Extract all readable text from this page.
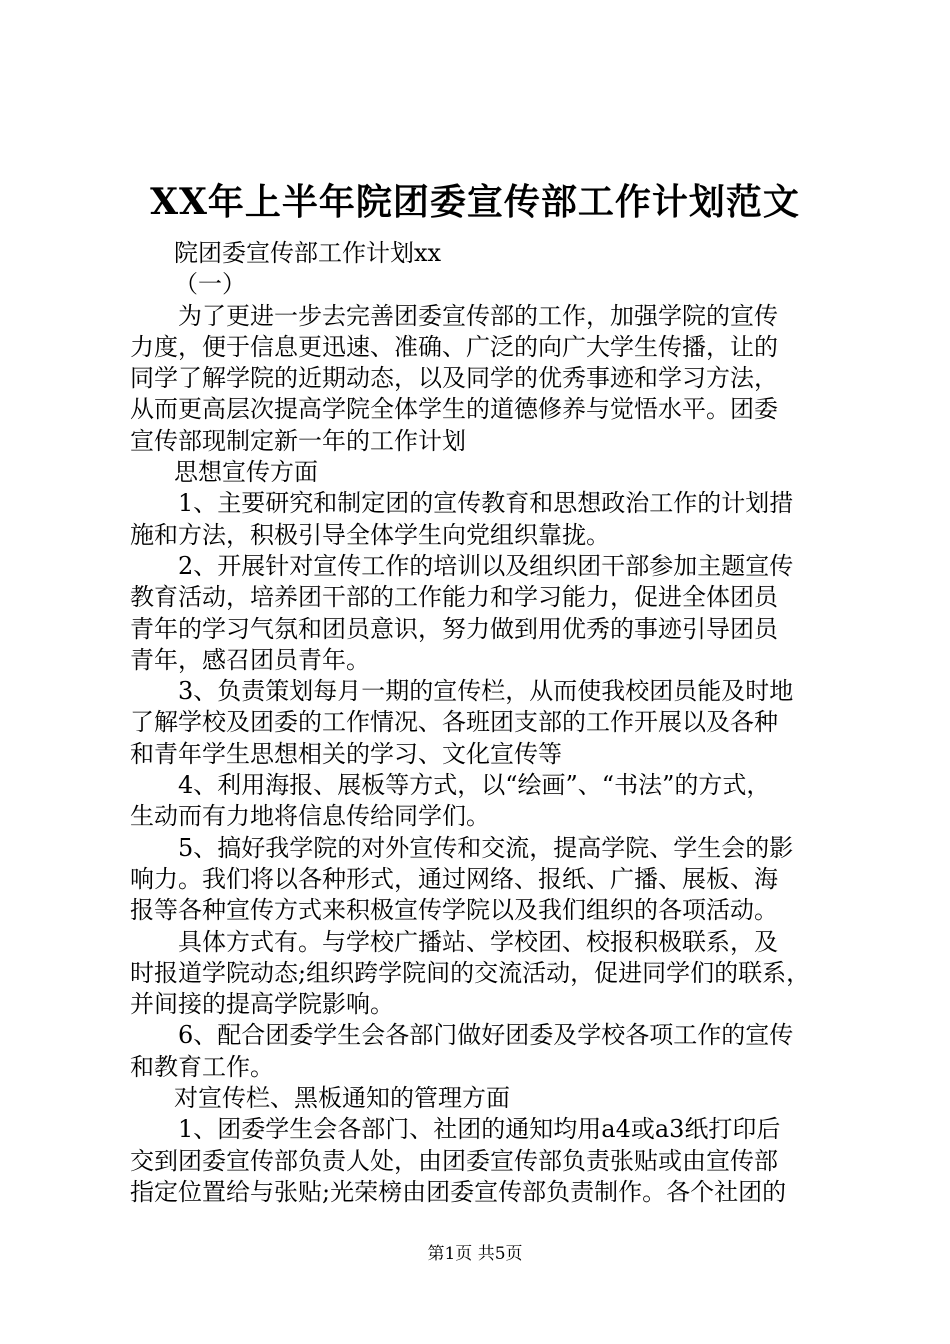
XX年上半年院团委宣传部工作计划范文
院团委宣传部工作计划xx
（一）
为了更进一步去完善团委宣传部的工作，加强学院的宣传
力度，便于信息更迅速、准确、广泛的向广大学生传播，让的
同学了解学院的近期动态，以及同学的优秀事迹和学习方法，
从而更高层次提高学院全体学生的道德修养与觉悟水平。团委
宣传部现制定新一年的工作计划
思想宣传方面
1、主要研究和制定团的宣传教育和思想政治工作的计划措
施和方法，积极引导全体学生向党组织靠拢。
2、开展针对宣传工作的培训以及组织团干部参加主题宣传
教育活动，培养团干部的工作能力和学习能力，促进全体团员
青年的学习气氛和团员意识，努力做到用优秀的事迹引导团员
青年，感召团员青年。
3、负责策划每月一期的宣传栏，从而使我校团员能及时地
了解学校及团委的工作情况、各班团支部的工作开展以及各种
和青年学生思想相关的学习、文化宣传等
4、利用海报、展板等方式，以“绘画”、“书法”的方式，
生动而有力地将信息传给同学们。
5、搞好我学院的对外宣传和交流，提高学院、学生会的影
响力。我们将以各种形式，通过网络、报纸、广播、展板、海
报等各种宣传方式来积极宣传学院以及我们组织的各项活动。
具体方式有。与学校广播站、学校团、校报积极联系，及
时报道学院动态;组织跨学院间的交流活动，促进同学们的联系，
并间接的提高学院影响。
6、配合团委学生会各部门做好团委及学校各项工作的宣传
和教育工作。
对宣传栏、黑板通知的管理方面
1、团委学生会各部门、社团的通知均用a4或a3纸打印后
交到团委宣传部负责人处，由团委宣传部负责张贴或由宣传部
指定位置给与张贴;光荣榜由团委宣传部负责制作。各个社团的
第1页 共5页
